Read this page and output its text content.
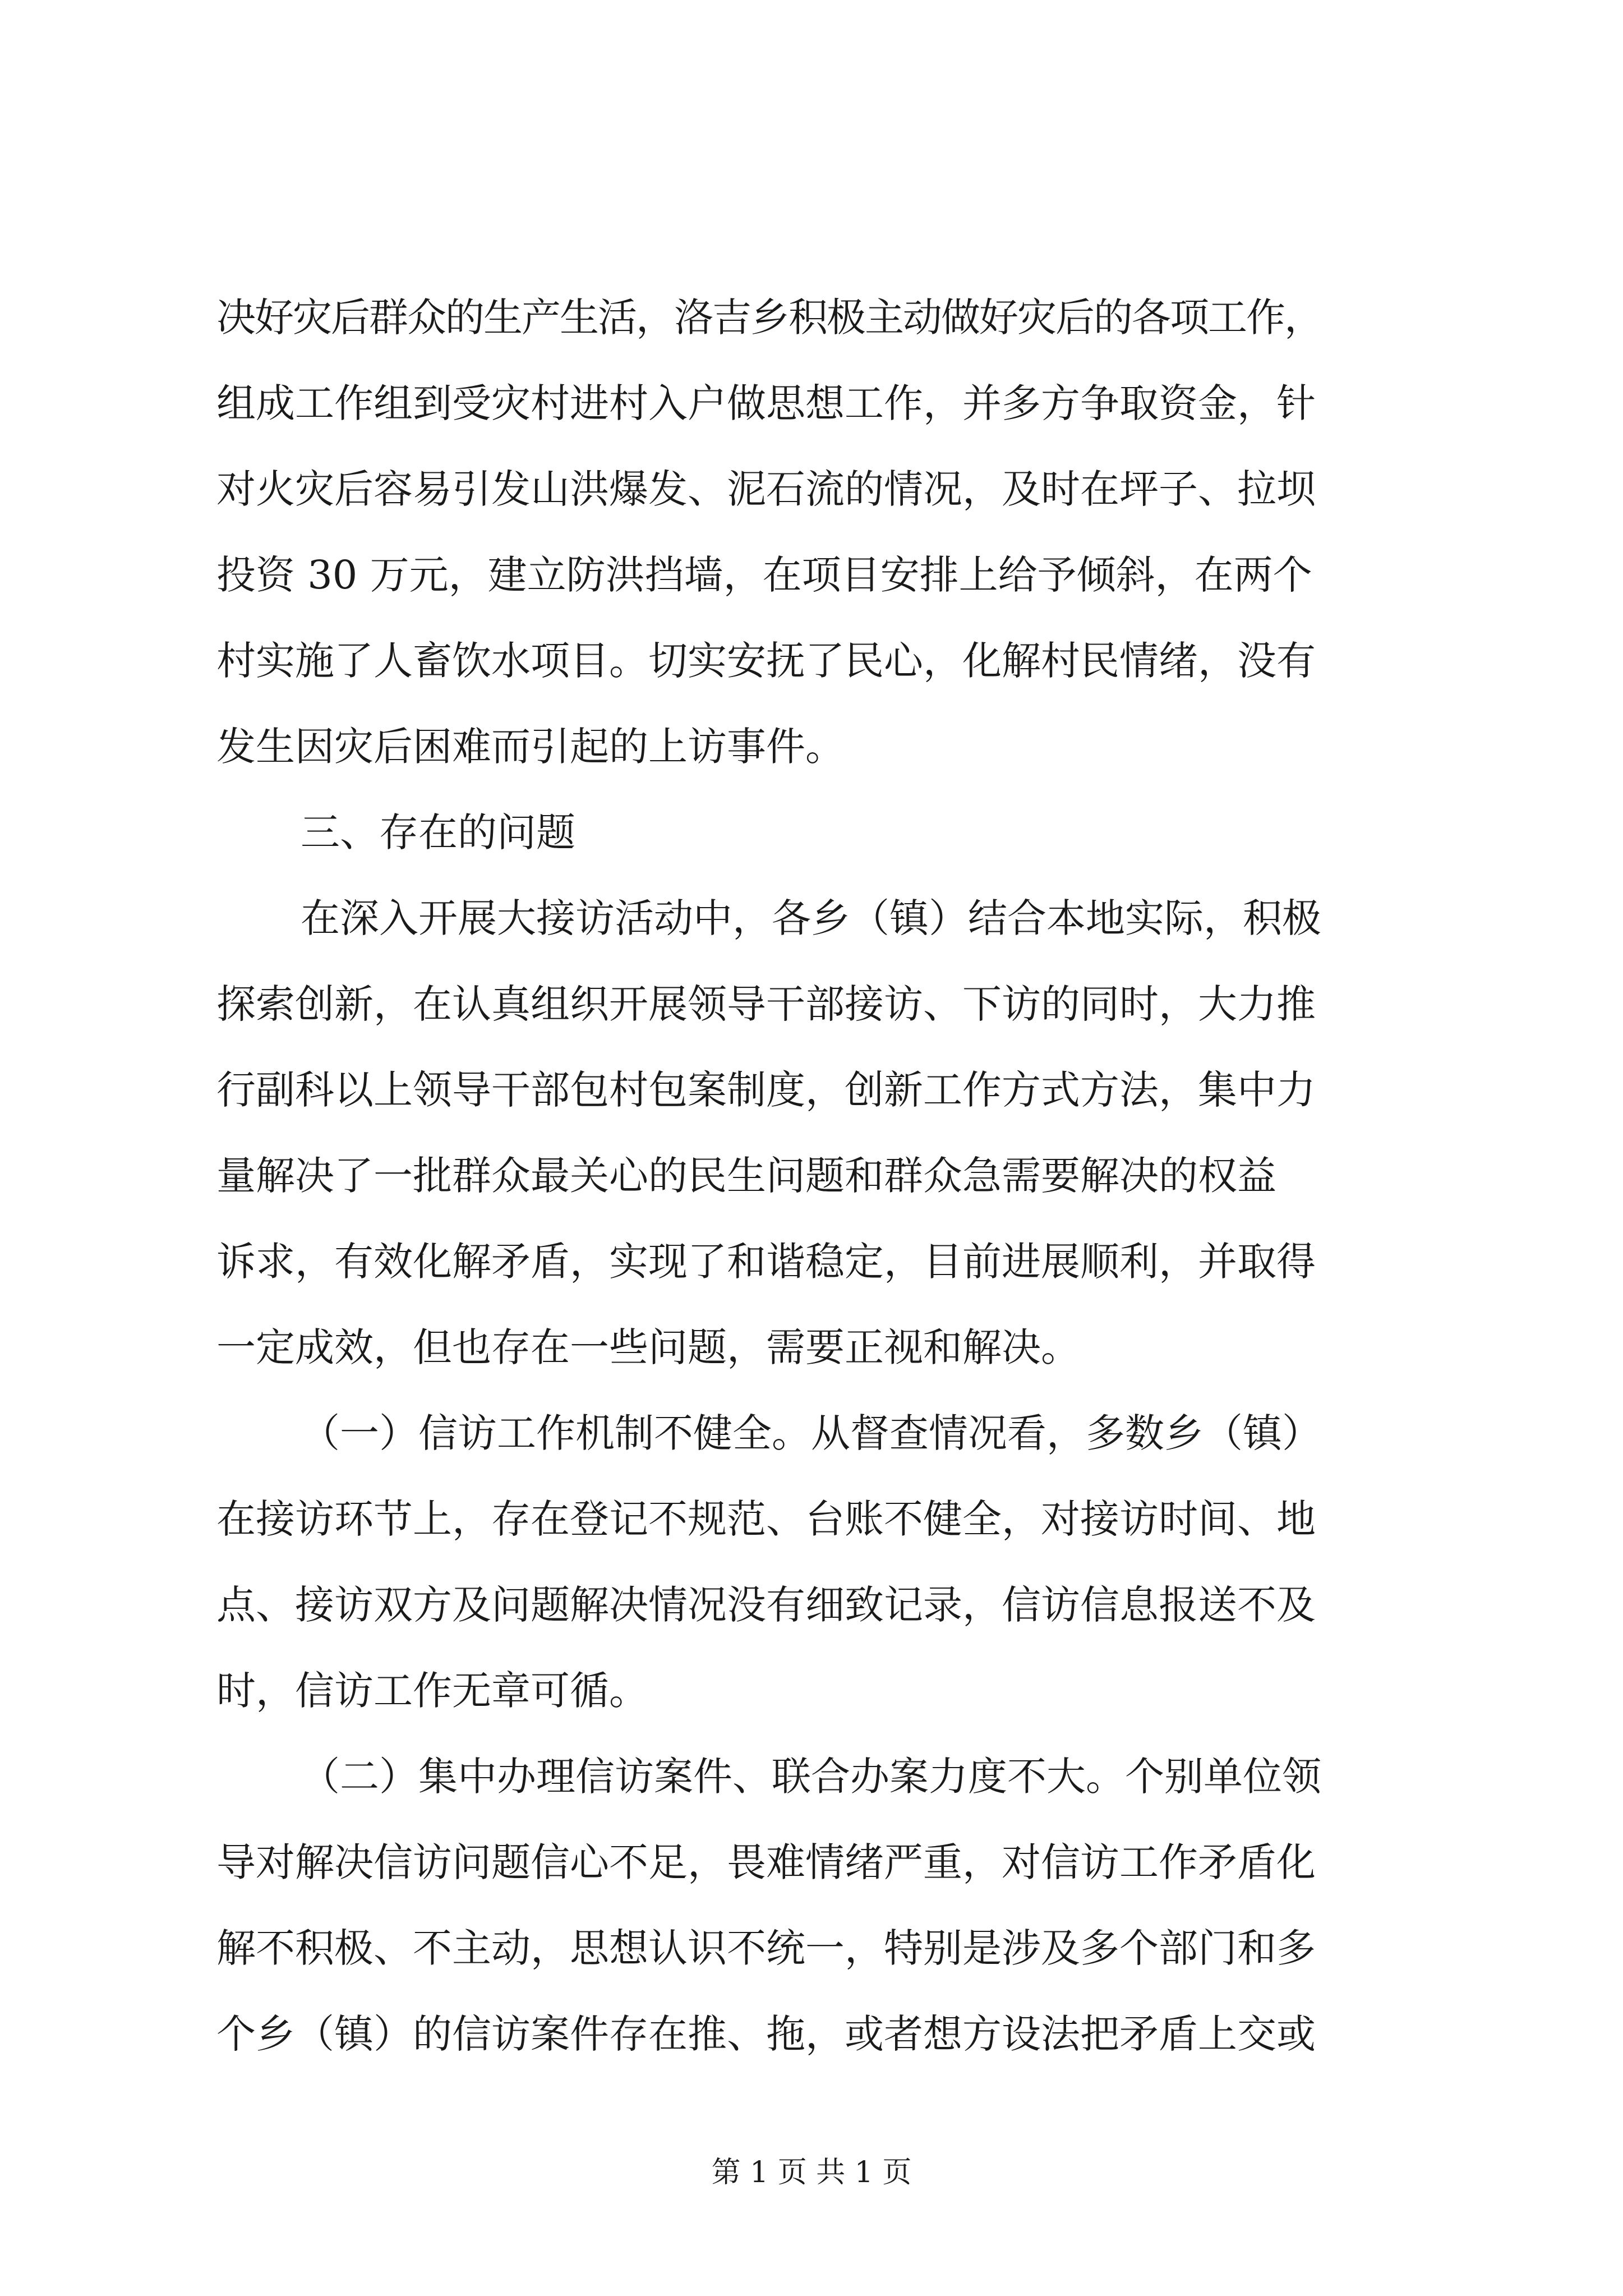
决好灾后群众的生产生活，洛吉乡积极主动做好灾后的各项工作，
组成工作组到受灾村进村入户做思想工作，并多方争取资金，针
对火灾后容易引发山洪爆发、泥石流的情况，及时在坪子、拉坝
投资 30 万元，建立防洪挡墙，在项目安排上给予倾斜，在两个
村实施了人畜饮水项目。切实安抚了民心，化解村民情绪，没有
发生因灾后困难而引起的上访事件。
三、存在的问题
在深入开展大接访活动中，各乡（镇）结合本地实际，积极
探索创新，在认真组织开展领导干部接访、下访的同时，大力推
行副科以上领导干部包村包案制度，创新工作方式方法，集中力
量解决了一批群众最关心的民生问题和群众急需要解决的权益
诉求，有效化解矛盾，实现了和谐稳定，目前进展顺利，并取得
一定成效，但也存在一些问题，需要正视和解决。
（一）信访工作机制不健全。从督查情况看，多数乡（镇）
在接访环节上，存在登记不规范、台账不健全，对接访时间、地
点、接访双方及问题解决情况没有细致记录，信访信息报送不及
时，信访工作无章可循。
（二）集中办理信访案件、联合办案力度不大。个别单位领
导对解决信访问题信心不足，畏难情绪严重，对信访工作矛盾化
解不积极、不主动，思想认识不统一，特别是涉及多个部门和多
个乡（镇）的信访案件存在推、拖，或者想方设法把矛盾上交或
第 1 页 共 1 页
